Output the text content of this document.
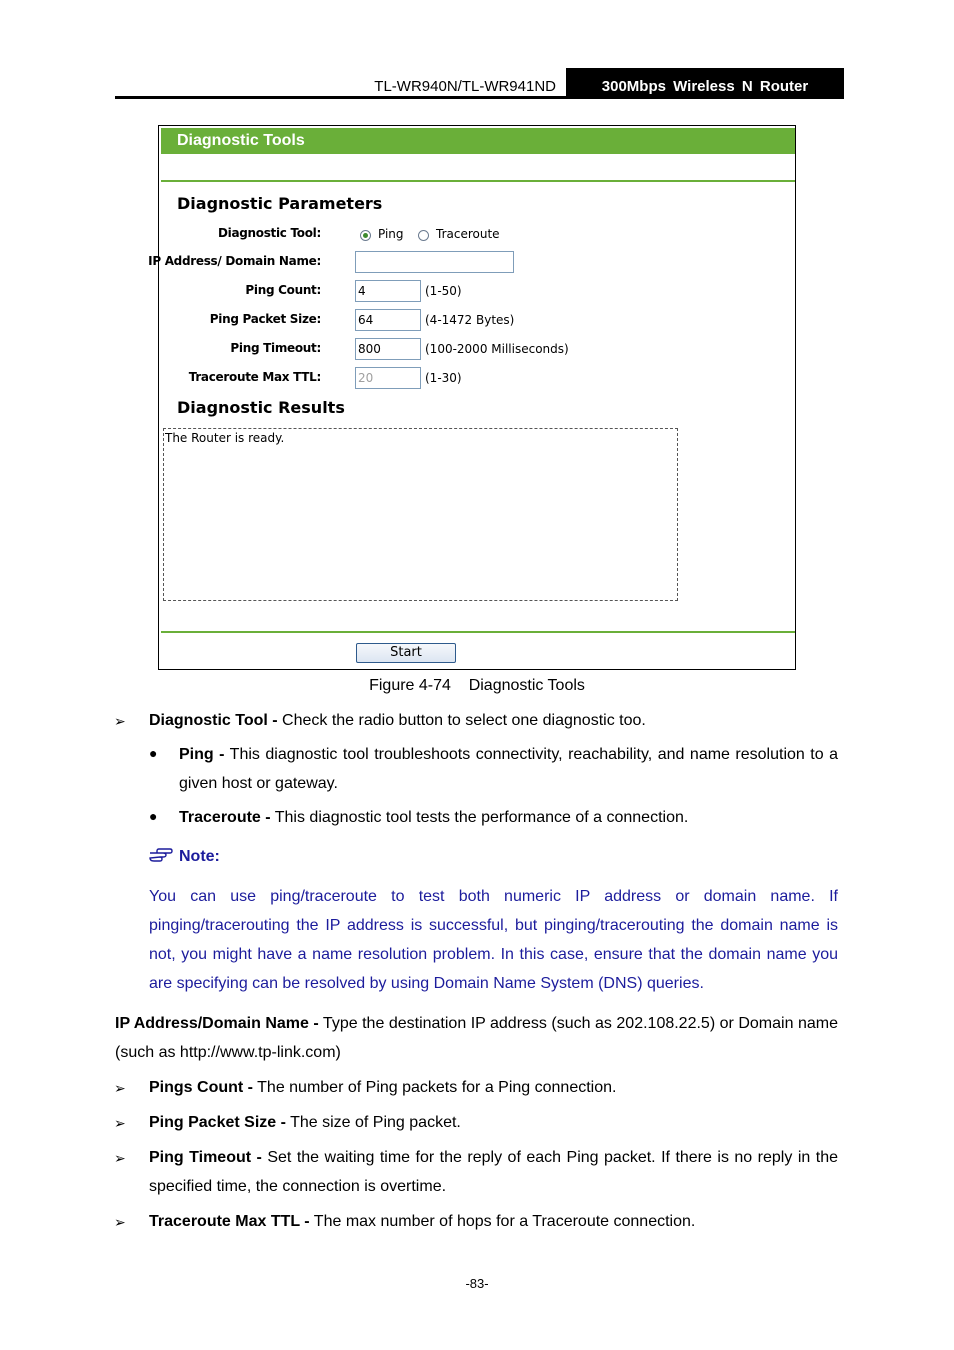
TL-WR940N/TL-WR941ND	300Mbps Wireless N Router
Diagnostic Tools
Diagnostic Parameters
Diagnostic Tool:	Ping	Traceroute
IP Address/ Domain Name:
Ping Count:	4	(1-50)
Ping Packet Size:	64	(4-1472 Bytes)
Ping Timeout:	800	(100-2000 Milliseconds)
Traceroute Max TTL:	20	(1-30)
Diagnostic Results
The Router is ready.
Start
Figure 4-74    Diagnostic Tools
➢ Diagnostic Tool - Check the radio button to select one diagnostic too.
● Ping - This diagnostic tool troubleshoots connectivity, reachability, and name resolution to a given host or gateway.
● Traceroute - This diagnostic tool tests the performance of a connection.
Note:
You can use ping/traceroute to test both numeric IP address or domain name. If pinging/tracerouting the IP address is successful, but pinging/tracerouting the domain name is not, you might have a name resolution problem. In this case, ensure that the domain name you are specifying can be resolved by using Domain Name System (DNS) queries.
IP Address/Domain Name - Type the destination IP address (such as 202.108.22.5) or Domain name (such as http://www.tp-link.com)
➢ Pings Count - The number of Ping packets for a Ping connection.
➢ Ping Packet Size - The size of Ping packet.
➢ Ping Timeout - Set the waiting time for the reply of each Ping packet. If there is no reply in the specified time, the connection is overtime.
➢ Traceroute Max TTL - The max number of hops for a Traceroute connection.
-83-
